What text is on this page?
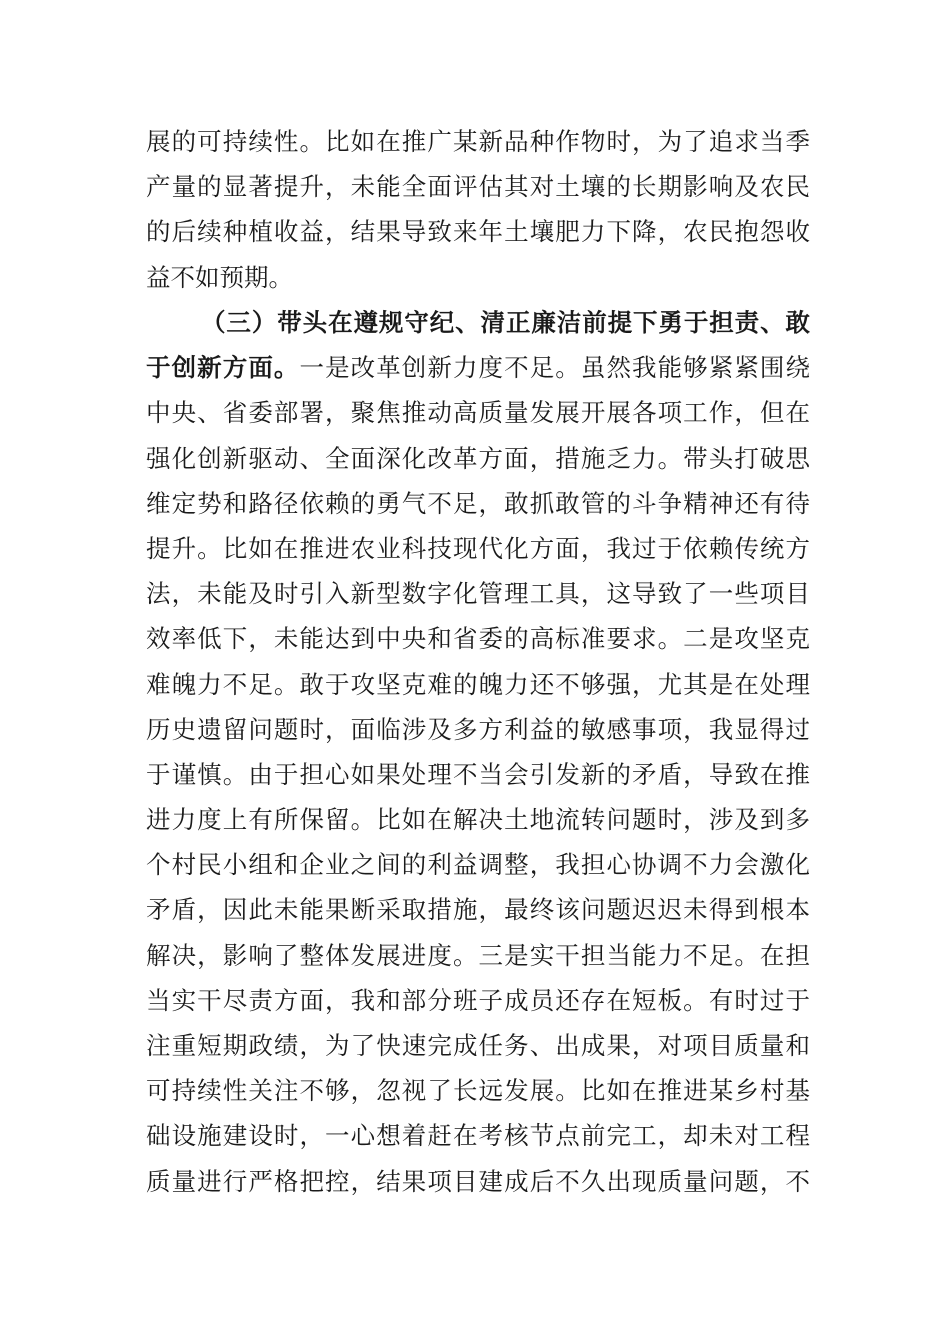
展的可持续性。比如在推广某新品种作物时，为了追求当季
产量的显著提升，未能全面评估其对土壤的长期影响及农民
的后续种植收益，结果导致来年土壤肥力下降，农民抱怨收
益不如预期。
（三）带头在遵规守纪、清正廉洁前提下勇于担责、敢
于创新方面。一是改革创新力度不足。虽然我能够紧紧围绕
中央、省委部署，聚焦推动高质量发展开展各项工作，但在
强化创新驱动、全面深化改革方面，措施乏力。带头打破思
维定势和路径依赖的勇气不足，敢抓敢管的斗争精神还有待
提升。比如在推进农业科技现代化方面，我过于依赖传统方
法，未能及时引入新型数字化管理工具，这导致了一些项目
效率低下，未能达到中央和省委的高标准要求。二是攻坚克
难魄力不足。敢于攻坚克难的魄力还不够强，尤其是在处理
历史遗留问题时，面临涉及多方利益的敏感事项，我显得过
于谨慎。由于担心如果处理不当会引发新的矛盾，导致在推
进力度上有所保留。比如在解决土地流转问题时，涉及到多
个村民小组和企业之间的利益调整，我担心协调不力会激化
矛盾，因此未能果断采取措施，最终该问题迟迟未得到根本
解决，影响了整体发展进度。三是实干担当能力不足。在担
当实干尽责方面，我和部分班子成员还存在短板。有时过于
注重短期政绩，为了快速完成任务、出成果，对项目质量和
可持续性关注不够，忽视了长远发展。比如在推进某乡村基
础设施建设时，一心想着赶在考核节点前完工，却未对工程
质量进行严格把控，结果项目建成后不久出现质量问题，不
